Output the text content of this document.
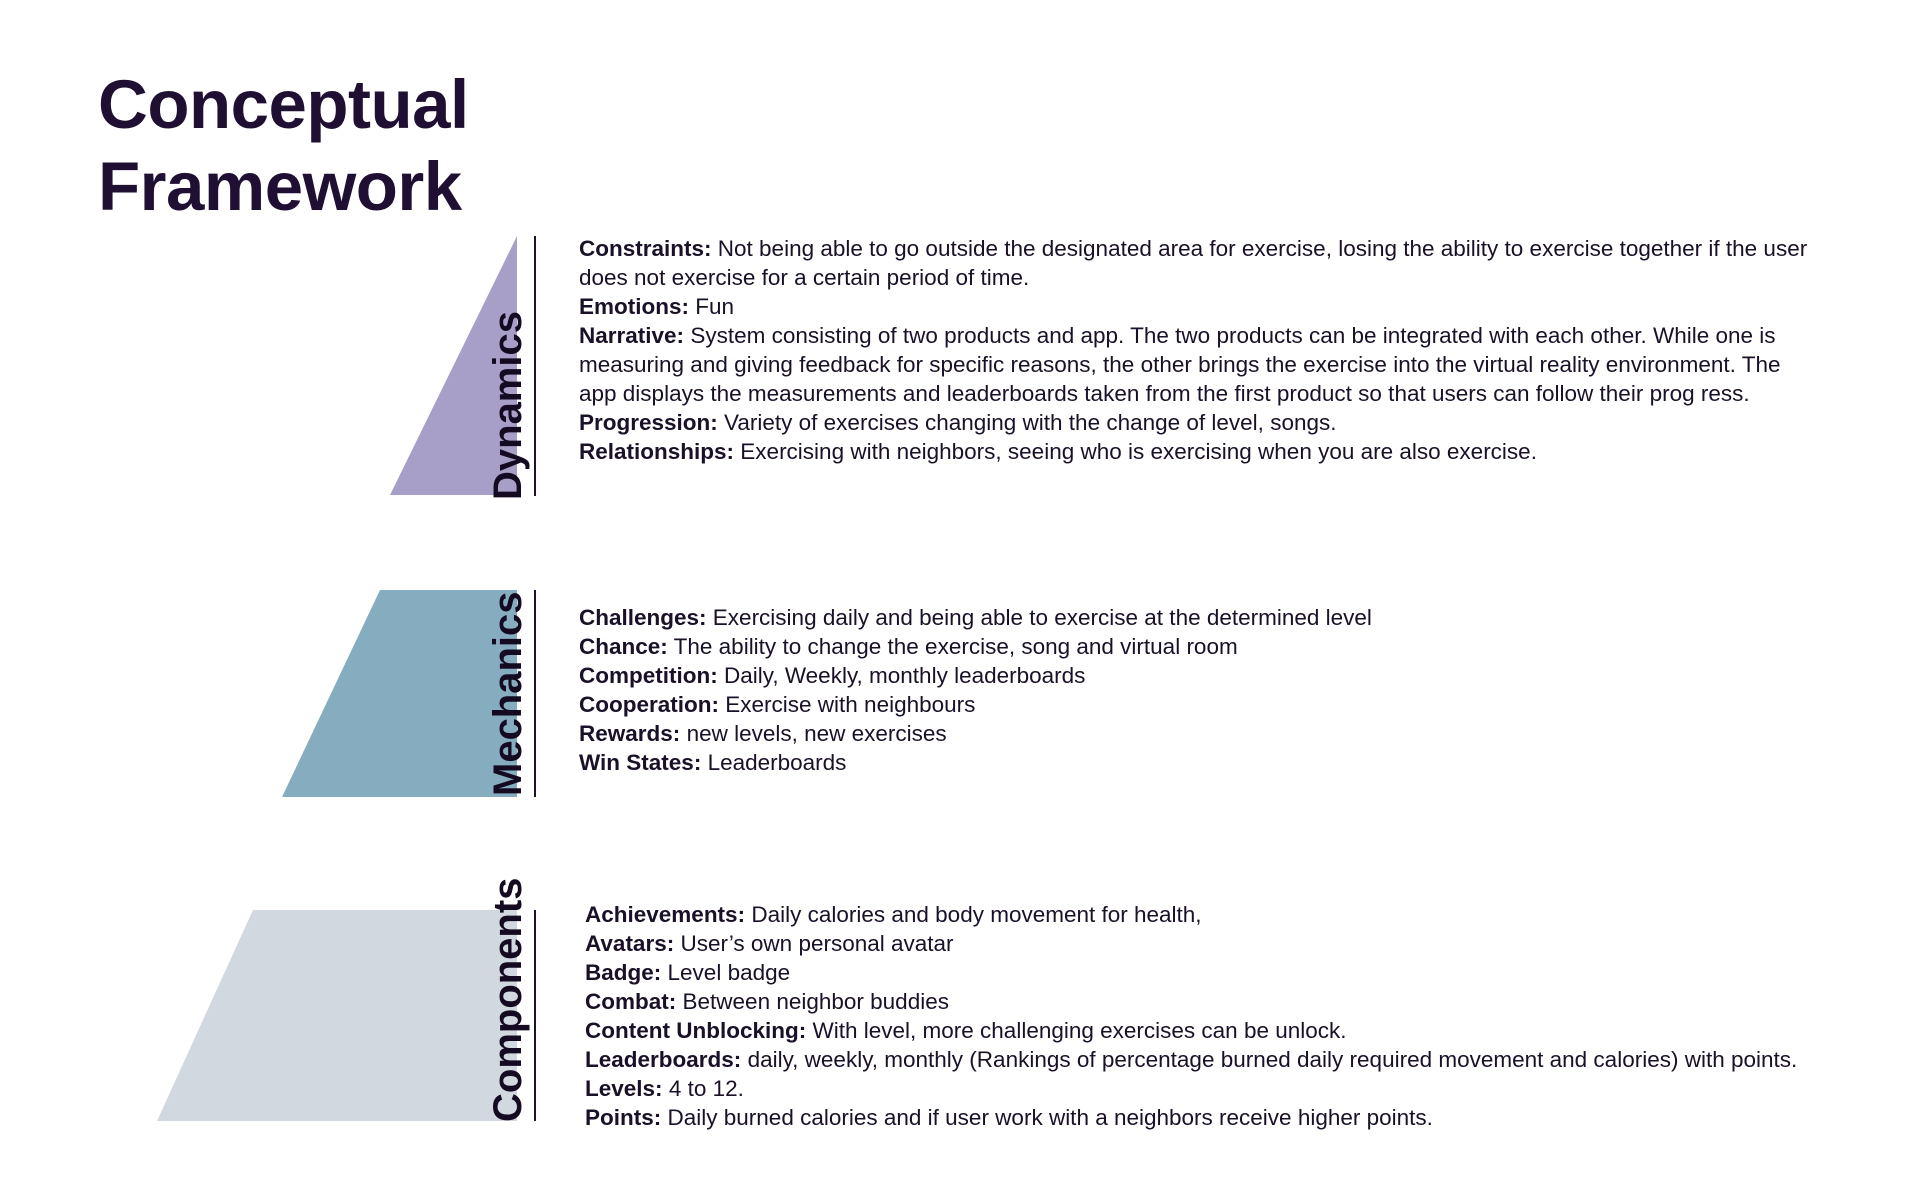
Conceptual
Framework
Dynamics
Constraints: Not being able to go outside the designated area for exercise, losing the ability to exercise together if the user does not exercise for a certain period of time.
Emotions: Fun
Narrative: System consisting of two products and app. The two products can be integrated with each other. While one is measuring and giving feedback for specific reasons, the other brings the exercise into the virtual reality environment. The app displays the measurements and leaderboards taken from the first product so that users can follow their prog ress.
Progression: Variety of exercises changing with the change of level, songs.
Relationships: Exercising with neighbors, seeing who is exercising when you are also exercise.
Mechanics Challenges: Exercising daily and being able to exercise at the determined level
Chance: The ability to change the exercise, song and virtual room
Competition: Daily, Weekly, monthly leaderboards
Cooperation: Exercise with neighbours
Rewards: new levels, new exercises
Win States: Leaderboards
Components Achievements: Daily calories and body movement for health,
Avatars: User’s own personal avatar
Badge: Level badge
Combat: Between neighbor buddies
Content Unblocking: With level, more challenging exercises can be unlock.
Leaderboards: daily, weekly, monthly (Rankings of percentage burned daily required movement and calories) with points.
Levels: 4 to 12.
Points: Daily burned calories and if user work with a neighbors receive higher points.
